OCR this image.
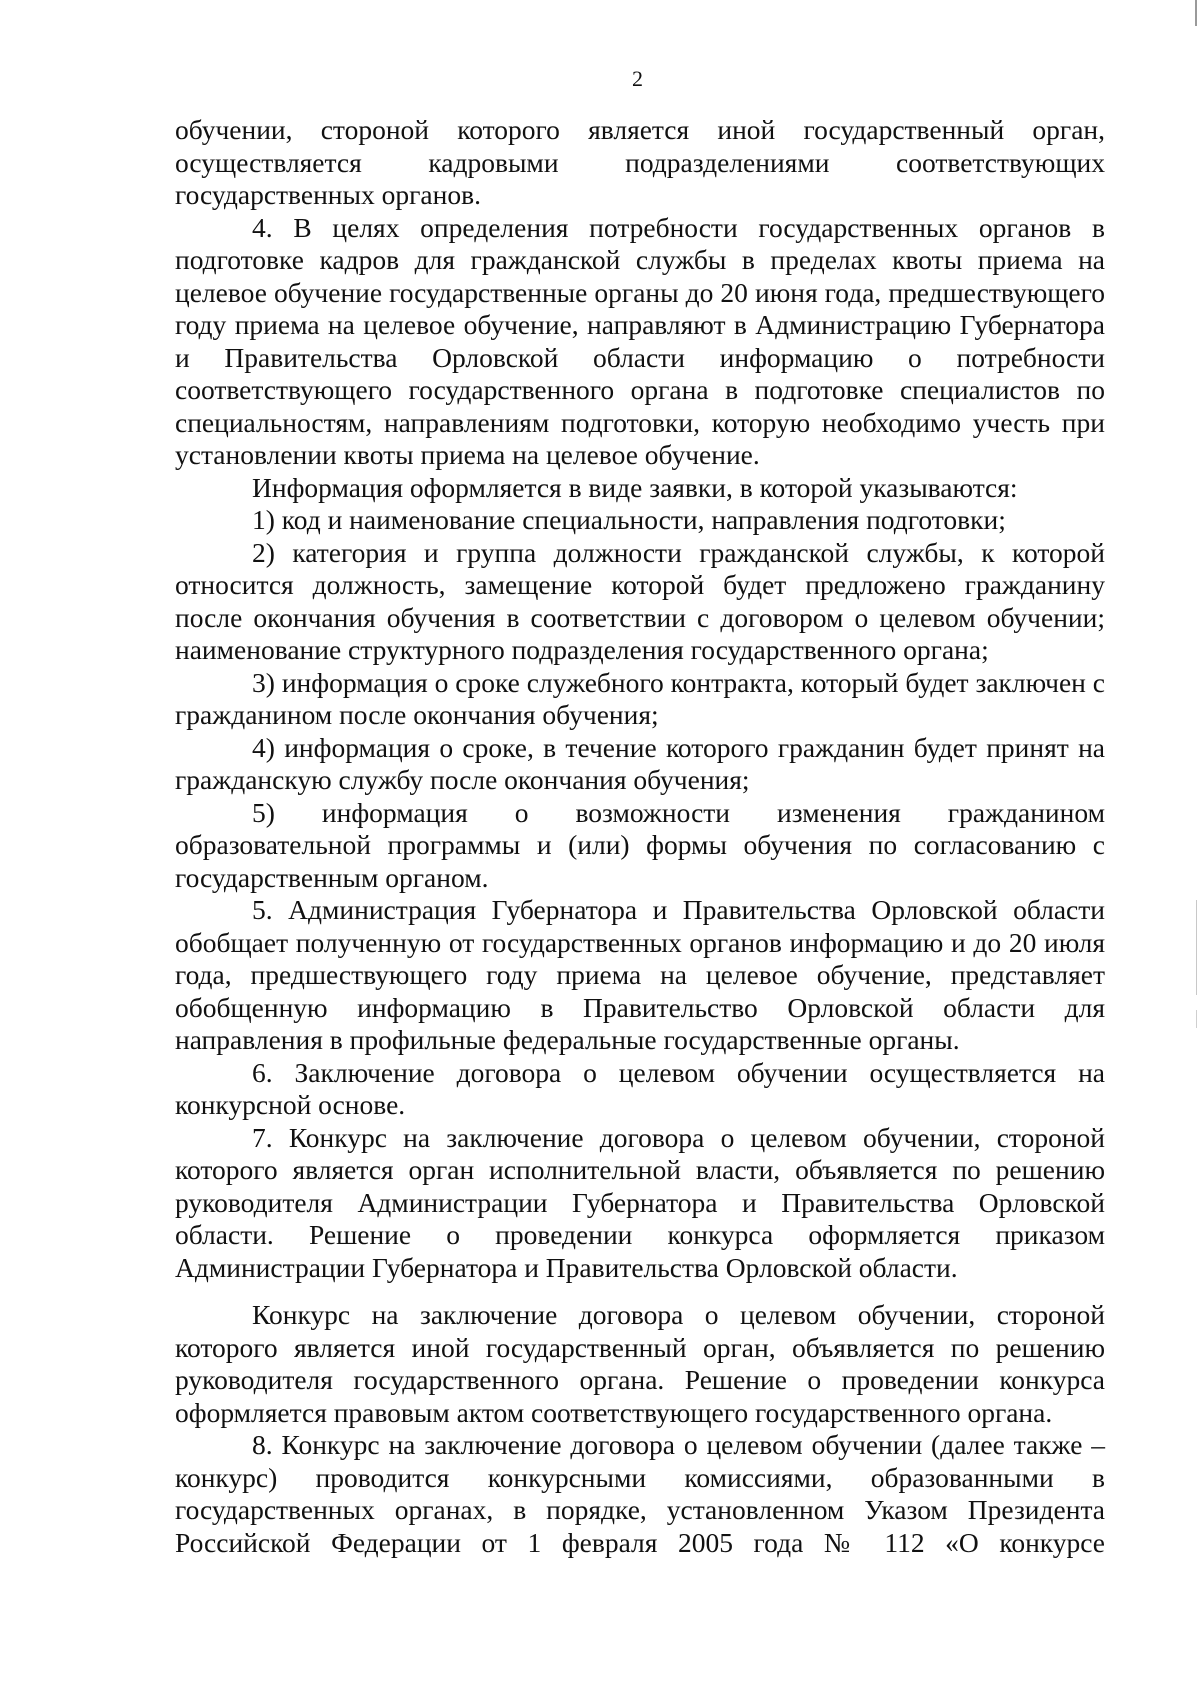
2

обучении, стороной которого является иной государственный орган, осуществляется кадровыми подразделениями соответствующих государственных органов.

4. В целях определения потребности государственных органов в подготовке кадров для гражданской службы в пределах квоты приема на целевое обучение государственные органы до 20 июня года, предшествующего году приема на целевое обучение, направляют в Администрацию Губернатора и Правительства Орловской области информацию о потребности соответствующего государственного органа в подготовке специалистов по специальностям, направлениям подготовки, которую необходимо учесть при установлении квоты приема на целевое обучение.

Информация оформляется в виде заявки, в которой указываются:

1) код и наименование специальности, направления подготовки;

2) категория и группа должности гражданской службы, к которой относится должность, замещение которой будет предложено гражданину после окончания обучения в соответствии с договором о целевом обучении; наименование структурного подразделения государственного органа;

3) информация о сроке служебного контракта, который будет заключен с гражданином после окончания обучения;

4) информация о сроке, в течение которого гражданин будет принят на гражданскую службу после окончания обучения;

5) информация о возможности изменения гражданином образовательной программы и (или) формы обучения по согласованию с государственным органом.

5. Администрация Губернатора и Правительства Орловской области обобщает полученную от государственных органов информацию и до 20 июля года, предшествующего году приема на целевое обучение, представляет обобщенную информацию в Правительство Орловской области для направления в профильные федеральные государственные органы.

6. Заключение договора о целевом обучении осуществляется на конкурсной основе.

7. Конкурс на заключение договора о целевом обучении, стороной которого является орган исполнительной власти, объявляется по решению руководителя Администрации Губернатора и Правительства Орловской области. Решение о проведении конкурса оформляется приказом Администрации Губернатора и Правительства Орловской области.

Конкурс на заключение договора о целевом обучении, стороной которого является иной государственный орган, объявляется по решению руководителя государственного органа. Решение о проведении конкурса оформляется правовым актом соответствующего государственного органа.

8. Конкурс на заключение договора о целевом обучении (далее также – конкурс) проводится конкурсными комиссиями, образованными в государственных органах, в порядке, установленном Указом Президента Российской Федерации от 1 февраля 2005 года № 112 «О конкурсе
